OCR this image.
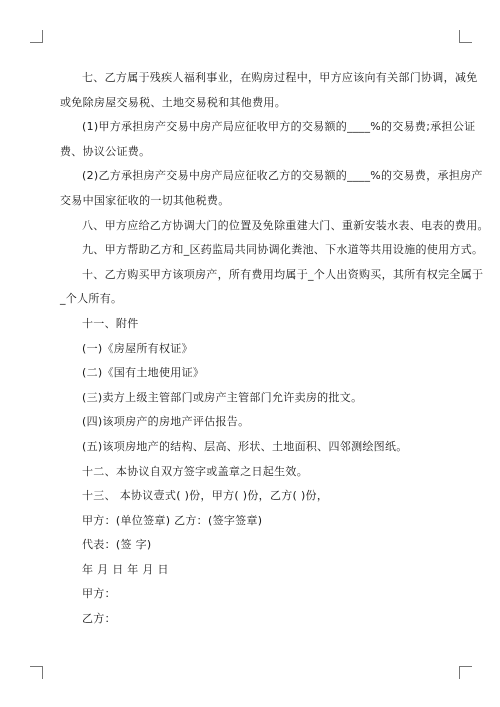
七、乙方属于残疾人福利事业，在购房过程中，甲方应该向有关部门协调，减免

或免除房屋交易税、土地交易税和其他费用。

(1)甲方承担房产交易中房产局应征收甲方的交易额的____%的交易费;承担公证

费、协议公证费。

(2)乙方承担房产交易中房产局应征收乙方的交易额的____%的交易费，承担房产

交易中国家征收的一切其他税费。

八、甲方应给乙方协调大门的位置及免除重建大门、重新安装水表、电表的费用。

九、甲方帮助乙方和_区药监局共同协调化粪池、下水道等共用设施的使用方式。

十、乙方购买甲方该项房产，所有费用均属于_个人出资购买，其所有权完全属于

_个人所有。

十一、附件

(一)《房屋所有权证》

(二)《国有土地使用证》

(三)卖方上级主管部门或房产主管部门允许卖房的批文。

(四)该项房产的房地产评估报告。

(五)该项房地产的结构、层高、形状、土地面积、四邻测绘图纸。

十二、本协议自双方签字或盖章之日起生效。

十三、 本协议壹式( )份，甲方( )份，乙方( )份，

甲方：(单位签章) 乙方：(签字签章)

代表：(签 字)

年 月 日 年 月 日

甲方：

乙方：
